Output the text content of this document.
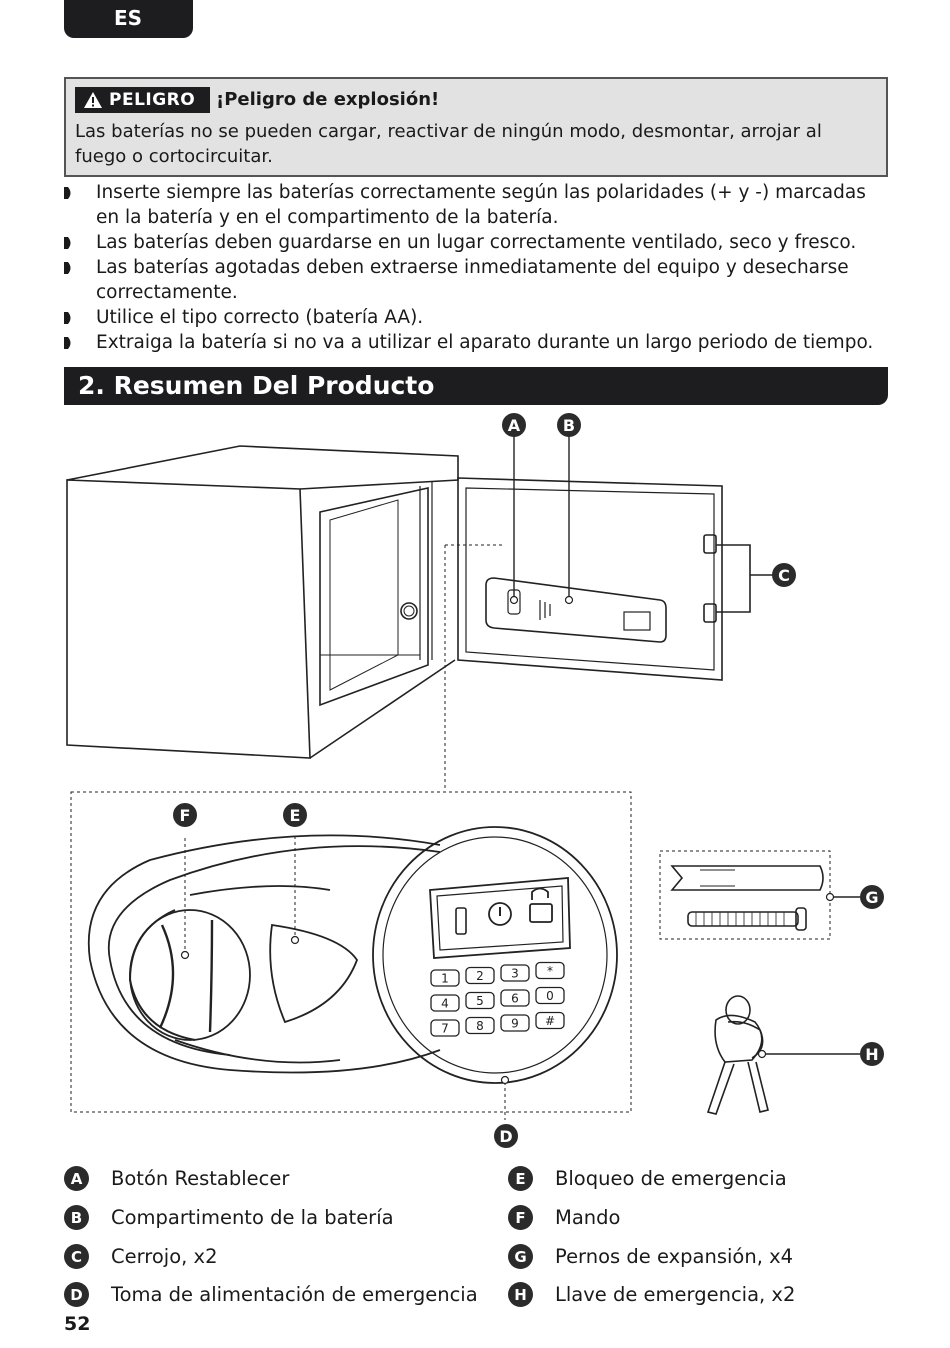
ES
PELIGRO ¡Peligro de explosión!
Las baterías no se pueden cargar, reactivar de ningún modo, desmontar, arrojar al fuego o cortocircuitar.
Inserte siempre las baterías correctamente según las polaridades (+ y -) marcadas en la batería y en el compartimento de la batería.
Las baterías deben guardarse en un lugar correctamente ventilado, seco y fresco.
Las baterías agotadas deben extraerse inmediatamente del equipo y desecharse correctamente.
Utilice el tipo correcto (batería AA).
Extraiga la batería si no va a utilizar el aparato durante un largo periodo de tiempo.
2. Resumen Del Producto
1 2 3 *
4 5 6 0
7 8 9 #
A	B
C
D
E
F
G
H
A	Botón Restablecer
B	Compartimento de la batería
C	Cerrojo, x2
D	Toma de alimentación de emergencia
E	Bloqueo de emergencia
F	Mando
G	Pernos de expansión, x4
H	Llave de emergencia, x2
52
